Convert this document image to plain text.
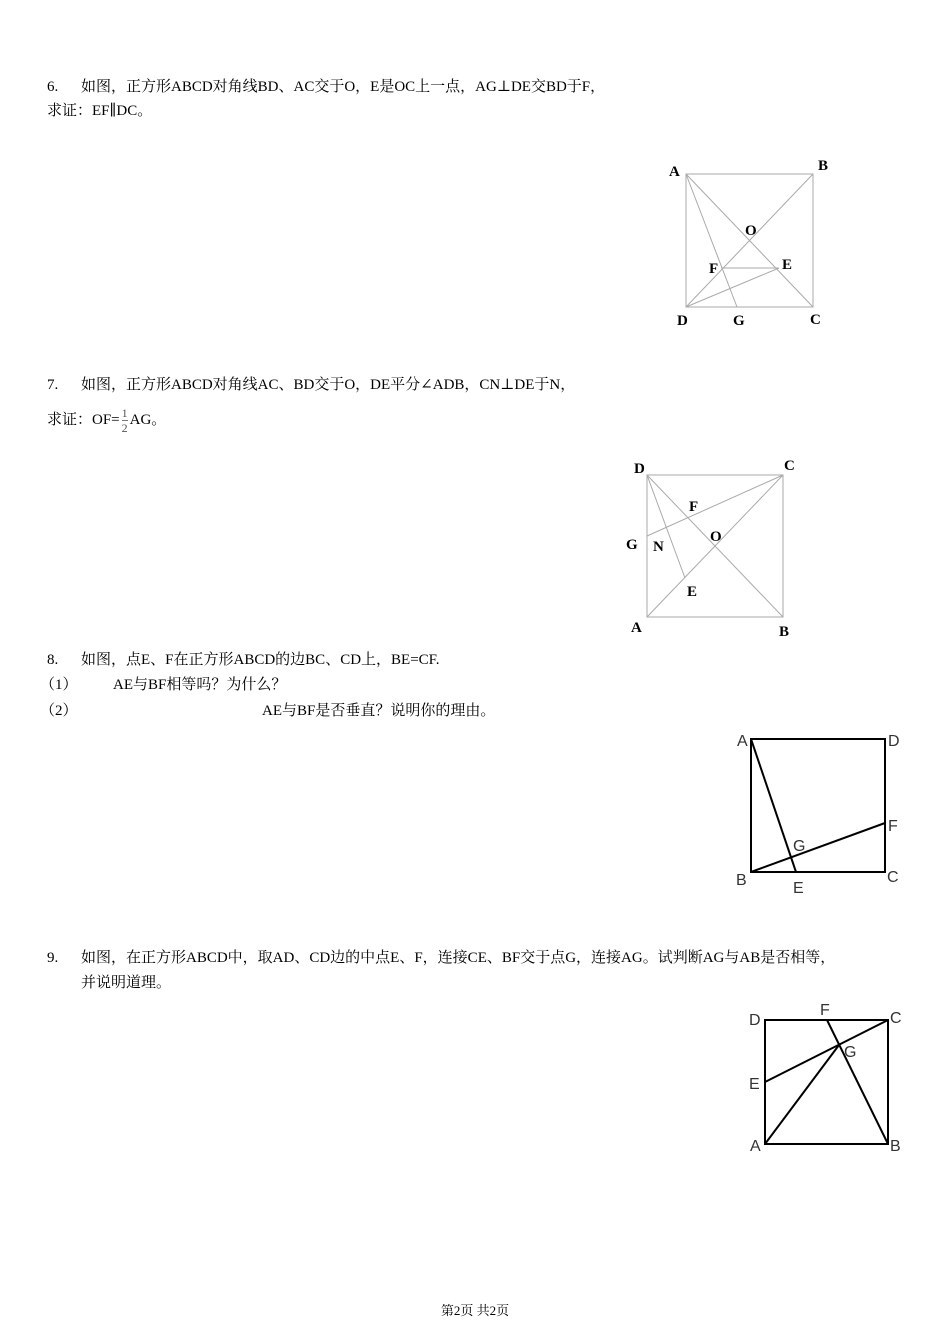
6. 如图，正方形ABCD对角线BD、AC交于O，E是OC上一点，AG⊥DE交BD于F，
求证：EF∥DC。
A	B
C
D
O
E
F
G
7. 如图，正方形ABCD对角线AC、BD交于O，DE平分∠ADB，CN⊥DE于N，
求证：$OF= \frac{1}{2}$ AG。
D	C
A	B
F
G N
O
E
8. 如图，点E、F在正方形ABCD的边BC、CD上，BE=CF.
（1） AE与BF相等吗？为什么？
（2）	AE与BF是否垂直？说明你的理由。
A	D
B	C
E
F
G
9. 如图，在正方形ABCD中，取AD、CD边的中点E、F，连接CE、BF交于点G，连接AG。试判断AG与AB是否相等，
并说明道理。
D
F	C
G
E
A	B
第2页 共2页
